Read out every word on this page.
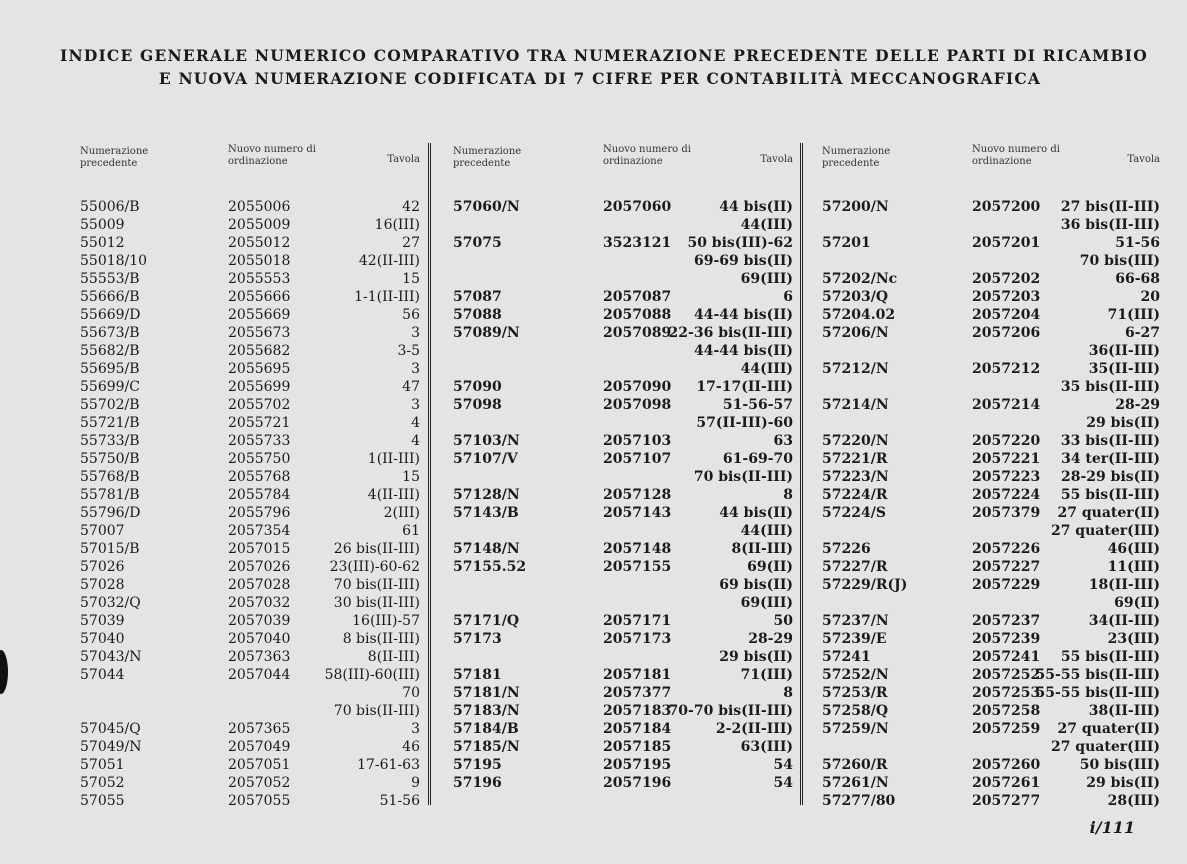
INDICE GENERALE NUMERICO COMPARATIVO TRA NUMERAZIONE PRECEDENTE DELLE PARTI DI RICAMBIO
E NUOVA NUMERAZIONE CODIFICATA DI 7 CIFRE PER CONTABILITÀ MECCANOGRAFICA
Numerazione precedente
Nuovo numero di ordinazione	Tavola
55006/B	2055006	42
55009	2055009	16(III)
55012	2055012	27
55018/10	2055018	42(II-III)
55553/B	2055553	15
55666/B	2055666	1-1(II-III)
55669/D	2055669	56
55673/B	2055673	3
55682/B	2055682	3-5
55695/B	2055695	3
55699/C	2055699	47
55702/B	2055702	3
55721/B	2055721	4
55733/B	2055733	4
55750/B	2055750	1(II-III)
55768/B	2055768	15
55781/B	2055784	4(II-III)
55796/D	2055796	2(III)
57007	2057354	61
57015/B	2057015	26 bis(II-III)
57026	2057026	23(III)-60-62
57028	2057028	70 bis(II-III)
57032/Q	2057032	30 bis(II-III)
57039	2057039	16(III)-57
57040	2057040	8 bis(II-III)
57043/N	2057363	8(II-III)
57044	2057044 58(III)-60(III)
70
70 bis(II-III)
57045/Q	2057365	3
57049/N	2057049	46
57051	2057051	17-61-63
57052	2057052	9
57055	2057055	51-56
Numerazione precedente
Nuovo numero di ordinazione	Tavola
57060/N	2057060	44 bis(II)
44(III)
57075	3523121 50 bis(III)-62
69-69 bis(II)
69(III)
57087	2057087	6
57088	2057088 44-44 bis(II)
57089/N	2057089
22-36 bis(II-III)
44-44 bis(II)
44(III)
57090	2057090 17-17(II-III)
57098	2057098	51-56-57
57(II-III)-60
57103/N	2057103	63
57107/V	2057107	61-69-70
70 bis(II-III)
57128/N	2057128	8
57143/B	2057143	44 bis(II)
44(III)
57148/N	2057148	8(II-III)
57155.52	2057155	69(II)
69 bis(II)
69(III)
57171/Q	2057171	50
57173	2057173	28-29
29 bis(II)
57181	2057181	71(III)
57181/N	2057377	8
57183/N	2057183
70-70 bis(II-III)
57184/B	2057184	2-2(II-III)
57185/N	2057185	63(III)
57195	2057195	54
57196	2057196	54
Numerazione precedente
Nuovo numero di ordinazione	Tavola
57200/N	2057200 27 bis(II-III)
36 bis(II-III)
57201	2057201	51-56
70 bis(III)
57202/Nc	2057202	66-68
57203/Q	2057203	20
57204.02	2057204	71(III)
57206/N	2057206	6-27
36(II-III)
57212/N	2057212	35(II-III)
35 bis(II-III)
57214/N	2057214	28-29
29 bis(II)
57220/N	2057220 33 bis(II-III)
57221/R	2057221 34 ter(II-III)
57223/N	2057223 28-29 bis(II)
57224/R	2057224 55 bis(II-III)
57224/S	2057379 27 quater(II)
27 quater(III)
57226	2057226	46(III)
57227/R	2057227	11(III)
57229/R(J)	2057229	18(II-III)
69(II)
57237/N	2057237	34(II-III)
57239/E	2057239	23(III)
57241	2057241 55 bis(II-III)
57252/N	2057252
55-55 bis(II-III)
57253/R	2057253
55-55 bis(II-III)
57258/Q	2057258	38(II-III)
57259/N	2057259 27 quater(II)
27 quater(III)
57260/R	2057260	50 bis(III)
57261/N	2057261	29 bis(II)
57277/80	2057277	28(III)
i/111
